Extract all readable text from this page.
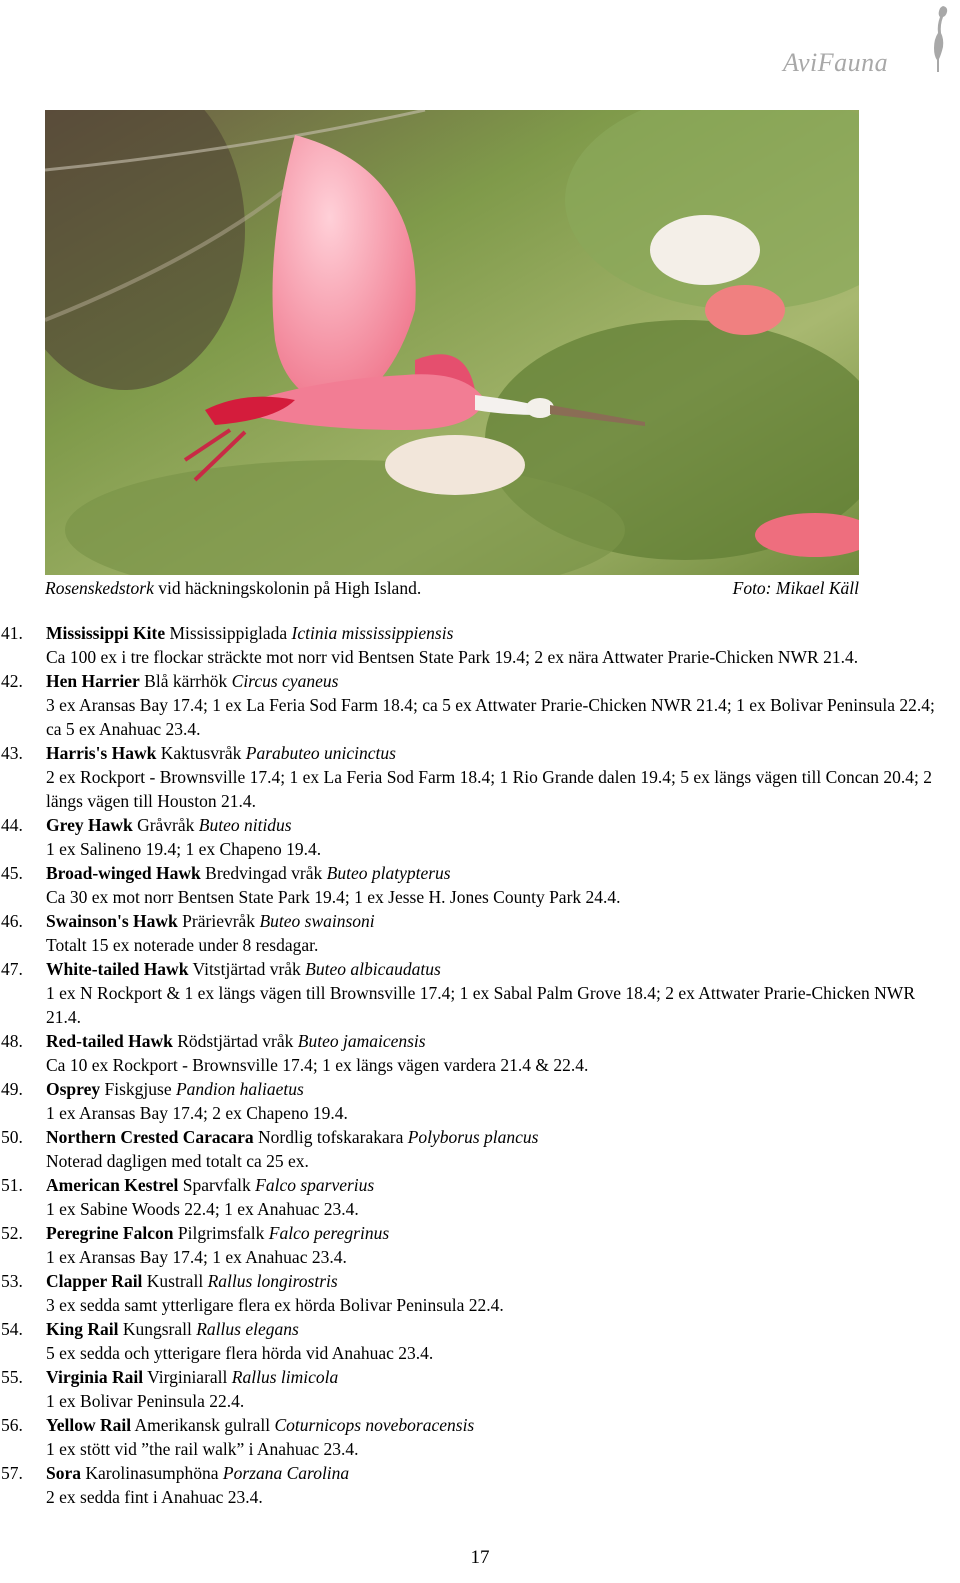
AviFauna
Rosenskedstork vid häckningskolonin på High Island.	Foto: Mikael Käll
41. Mississippi Kite Mississippiglada Ictinia mississippiensis
Ca 100 ex i tre flockar sträckte mot norr vid Bentsen State Park 19.4; 2 ex nära Attwater Prarie-Chicken NWR 21.4.
42. Hen Harrier Blå kärrhök Circus cyaneus
3 ex Aransas Bay 17.4; 1 ex La Feria Sod Farm 18.4; ca 5 ex Attwater Prarie-Chicken NWR 21.4; 1 ex Bolivar Peninsula 22.4; ca 5 ex Anahuac 23.4.
43. Harris's Hawk Kaktusvråk Parabuteo unicinctus
2 ex Rockport - Brownsville 17.4; 1 ex La Feria Sod Farm 18.4; 1 Rio Grande dalen 19.4; 5 ex längs vägen till Concan 20.4; 2 längs vägen till Houston 21.4.
44. Grey Hawk Gråvråk Buteo nitidus
1 ex Salineno 19.4; 1 ex Chapeno 19.4.
45. Broad-winged Hawk Bredvingad vråk Buteo platypterus
Ca 30 ex mot norr Bentsen State Park 19.4; 1 ex Jesse H. Jones County Park 24.4.
46. Swainson's Hawk Prärievråk Buteo swainsoni
Totalt 15 ex noterade under 8 resdagar.
47. White-tailed Hawk Vitstjärtad vråk Buteo albicaudatus
1 ex N Rockport & 1 ex längs vägen till Brownsville 17.4; 1 ex Sabal Palm Grove 18.4; 2 ex Attwater Prarie-Chicken NWR 21.4.
48. Red-tailed Hawk Rödstjärtad vråk Buteo jamaicensis
Ca 10 ex Rockport - Brownsville 17.4; 1 ex längs vägen vardera 21.4 & 22.4.
49. Osprey Fiskgjuse Pandion haliaetus
1 ex Aransas Bay 17.4; 2 ex Chapeno 19.4.
50. Northern Crested Caracara Nordlig tofskarakara Polyborus plancus
Noterad dagligen med totalt ca 25 ex.
51. American Kestrel Sparvfalk Falco sparverius
1 ex Sabine Woods 22.4; 1 ex Anahuac 23.4.
52. Peregrine Falcon Pilgrimsfalk Falco peregrinus
1 ex Aransas Bay 17.4; 1 ex Anahuac 23.4.
53. Clapper Rail Kustrall Rallus longirostris
3 ex sedda samt ytterligare flera ex hörda Bolivar Peninsula 22.4.
54. King Rail Kungsrall Rallus elegans
5 ex sedda och ytterigare flera hörda vid Anahuac 23.4.
55. Virginia Rail Virginiarall Rallus limicola
1 ex Bolivar Peninsula 22.4.
56. Yellow Rail Amerikansk gulrall Coturnicops noveboracensis
1 ex stött vid ”the rail walk” i Anahuac 23.4.
57. Sora Karolinasumphöna Porzana Carolina
2 ex sedda fint i Anahuac 23.4.
17
